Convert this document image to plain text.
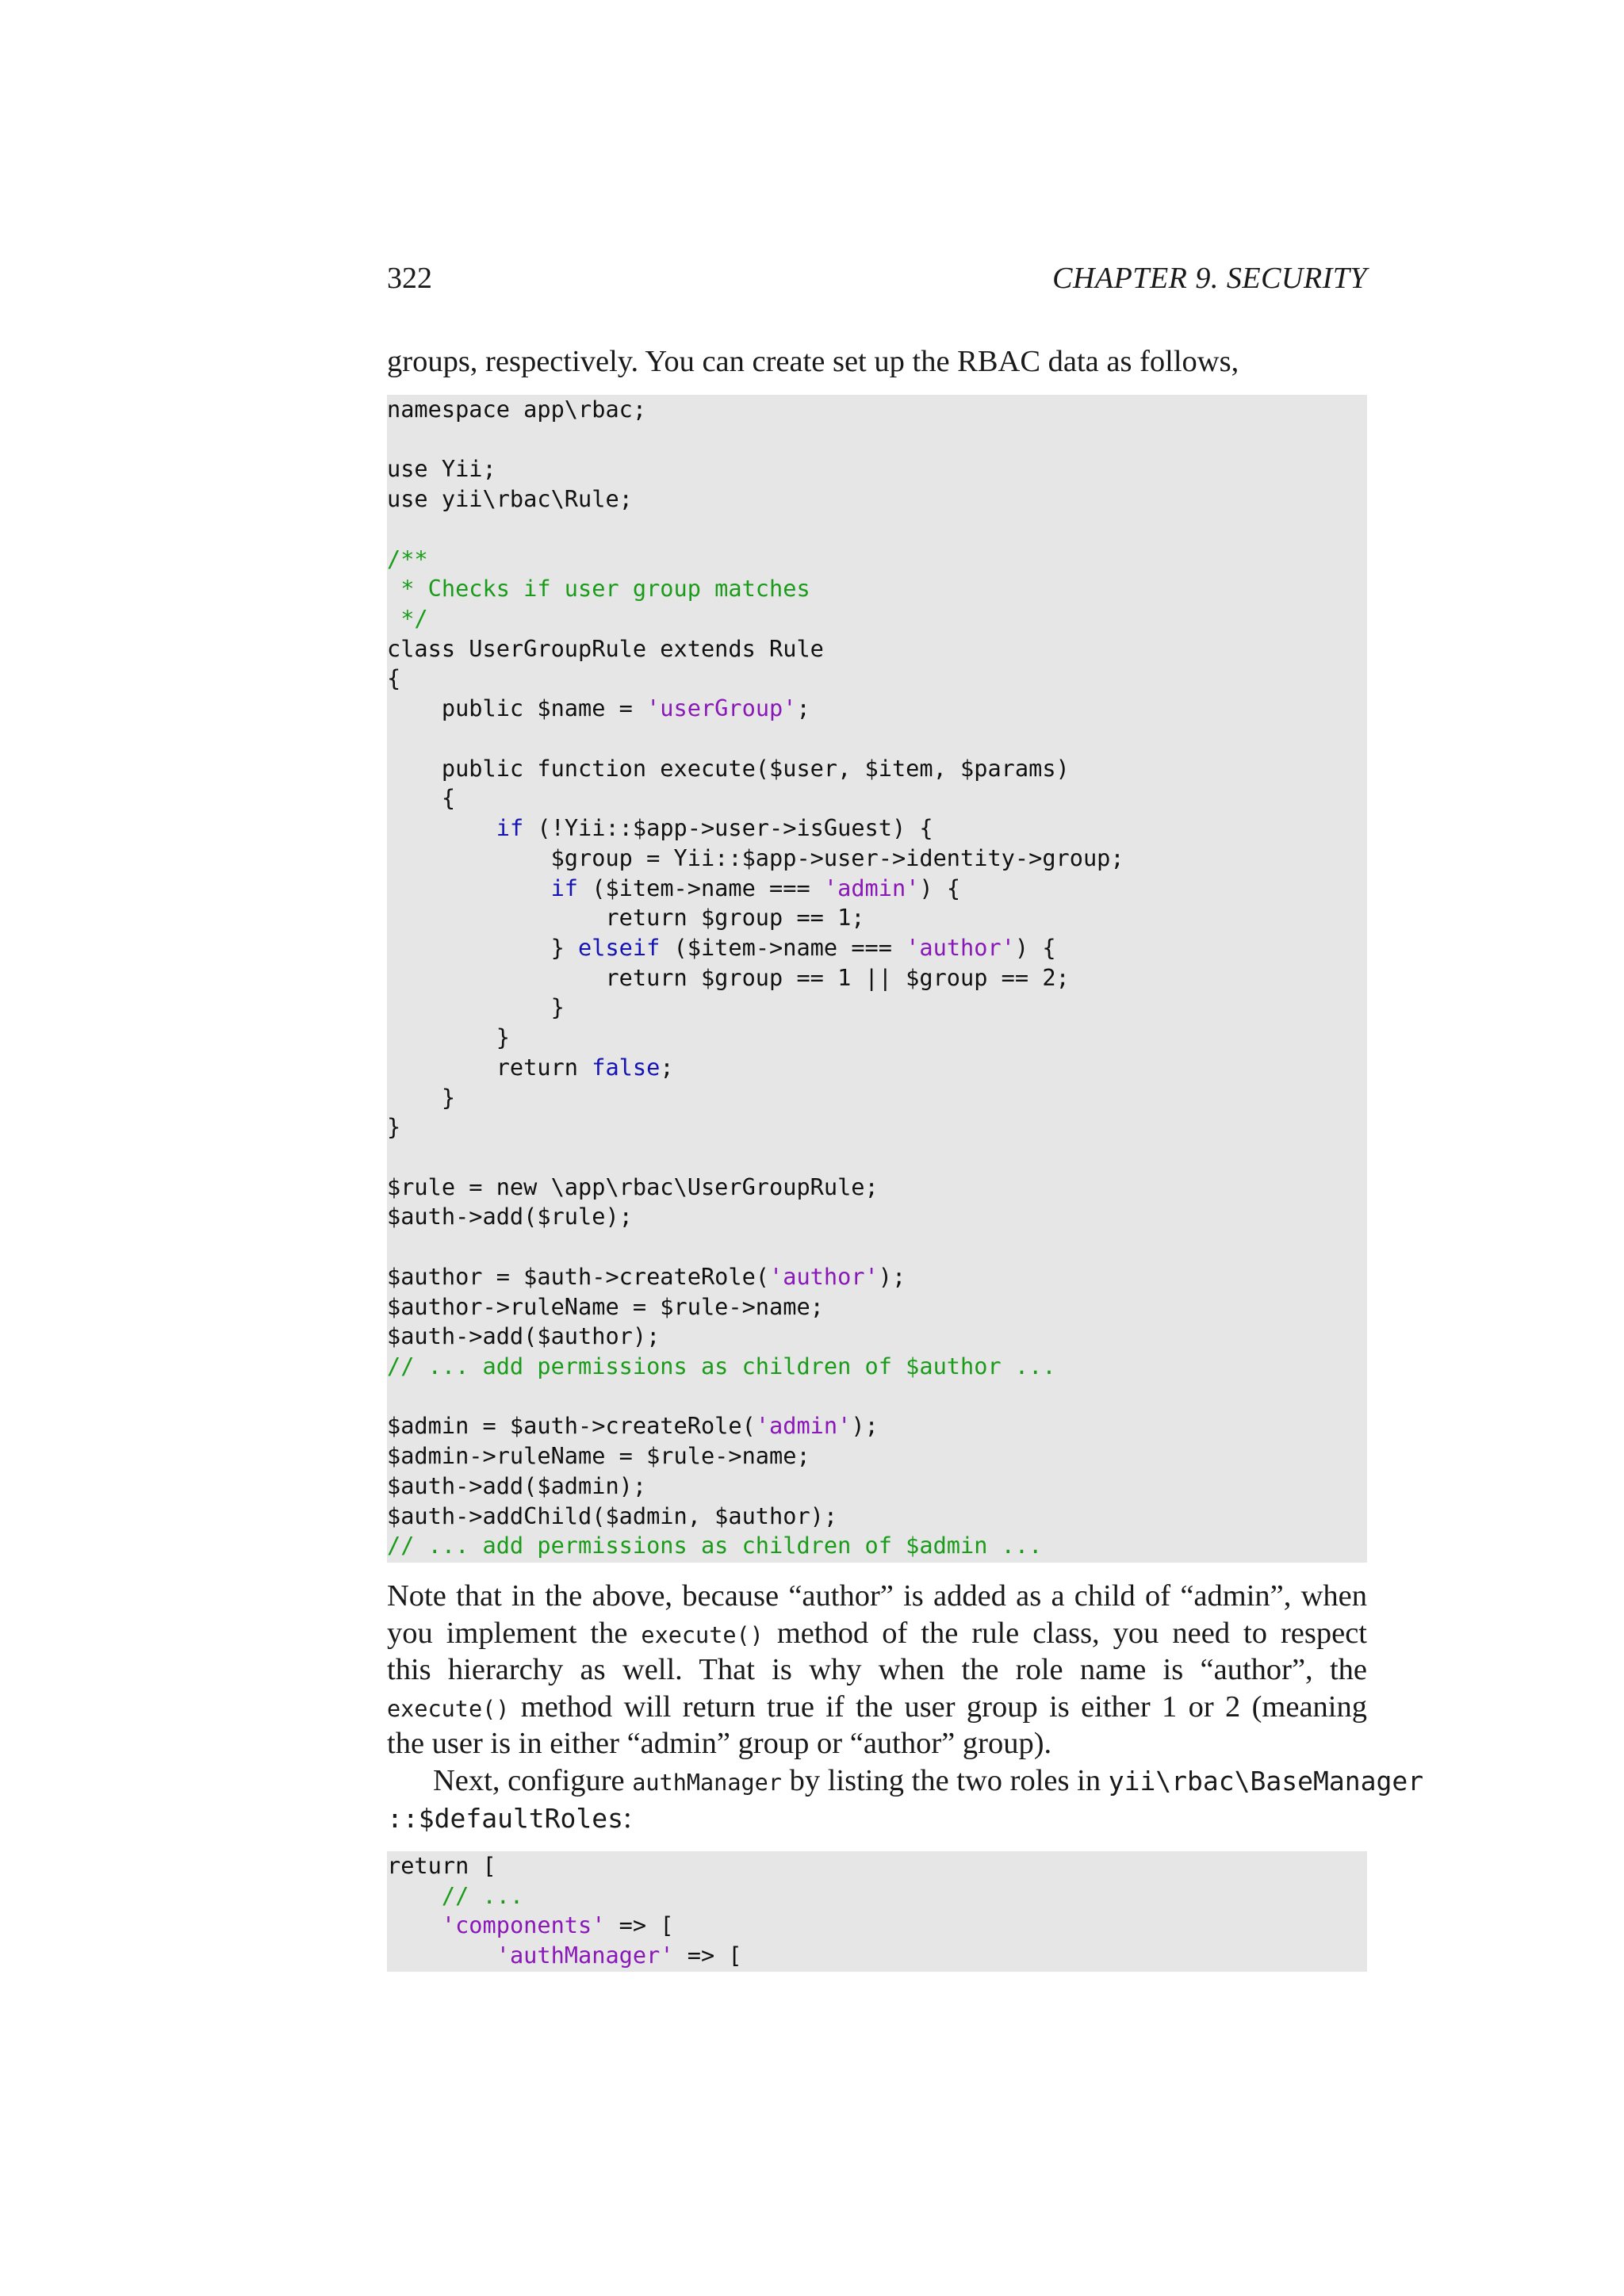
322	CHAPTER 9. SECURITY
groups, respectively. You can create set up the RBAC data as follows,
namespace app\rbac;
use Yii;
use yii\rbac\Rule;
/**
* Checks if user group matches
*/
class UserGroupRule extends Rule
{
public $name = 'userGroup';
public function execute($user, $item, $params)
{
if (!Yii::$app->user->isGuest) {
$group = Yii::$app->user->identity->group;
if ($item->name === 'admin') {
return $group == 1;
} elseif ($item->name === 'author') {
return $group == 1 || $group == 2;
}
}
return false;
}
}
$rule = new \app\rbac\UserGroupRule;
$auth->add($rule);
$author = $auth->createRole('author');
$author->ruleName = $rule->name;
$auth->add($author);
// ... add permissions as children of $author ...
$admin = $auth->createRole('admin');
$admin->ruleName = $rule->name;
$auth->add($admin);
$auth->addChild($admin, $author);
// ... add permissions as children of $admin ...
Note that in the above, because “author” is added as a child of “admin”, when
you implement the execute() method of the rule class, you need to respect
this hierarchy as well. That is why when the role name is “author”, the
execute() method will return true if the user group is either 1 or 2 (meaning
the user is in either “admin” group or “author” group).
Next, configure authManager by listing the two roles in yii\rbac\BaseManager
::$defaultRoles:
return [
// ...
'components' => [
'authManager' => [
